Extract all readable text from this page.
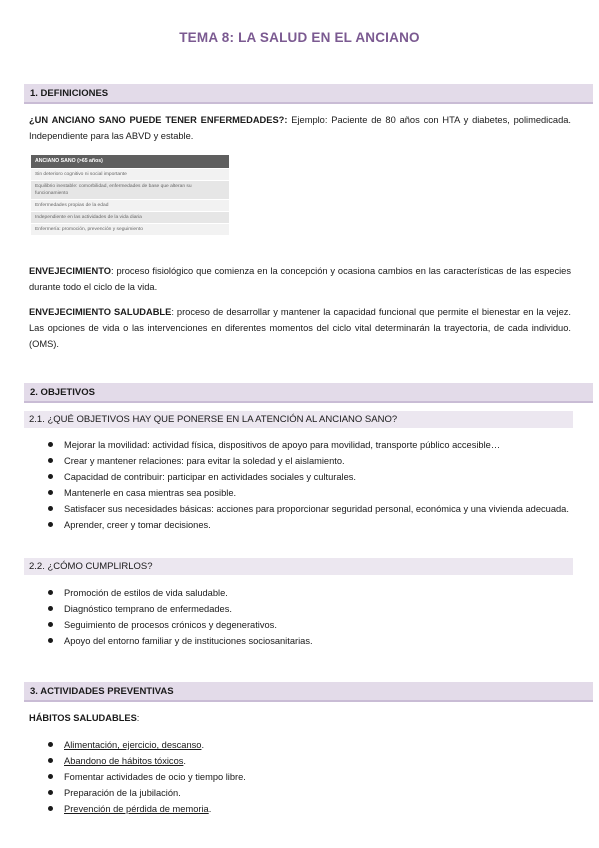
TEMA 8: LA SALUD EN EL ANCIANO
1. DEFINICIONES
¿UN ANCIANO SANO PUEDE TENER ENFERMEDADES?: Ejemplo: Paciente de 80 años con HTA y diabetes, polimedicada. Independiente para las ABVD y estable.
ANCIANO SANO (>65 años)
Sin deterioro cognitivo ni social importante
Equilibrio inestable: comorbilidad, enfermedades de base que alteran su funcionamiento
Enfermedades propias de la edad
Independiente en las actividades de la vida diaria
Enfermería: promoción, prevención y seguimiento
ENVEJECIMIENTO: proceso fisiológico que comienza en la concepción y ocasiona cambios en las características de las especies durante todo el ciclo de la vida.
ENVEJECIMIENTO SALUDABLE: proceso de desarrollar y mantener la capacidad funcional que permite el bienestar en la vejez. Las opciones de vida o las intervenciones en diferentes momentos del ciclo vital determinarán la trayectoria, de cada individuo. (OMS).
2. OBJETIVOS
2.1. ¿QUÉ OBJETIVOS HAY QUE PONERSE EN LA ATENCIÓN AL ANCIANO SANO?
Mejorar la movilidad: actividad física, dispositivos de apoyo para movilidad, transporte público accesible…
Crear y mantener relaciones: para evitar la soledad y el aislamiento.
Capacidad de contribuir: participar en actividades sociales y culturales.
Mantenerle en casa mientras sea posible.
Satisfacer sus necesidades básicas: acciones para proporcionar seguridad personal, económica y una vivienda adecuada.
Aprender, creer y tomar decisiones.
2.2. ¿CÓMO CUMPLIRLOS?
Promoción de estilos de vida saludable.
Diagnóstico temprano de enfermedades.
Seguimiento de procesos crónicos y degenerativos.
Apoyo del entorno familiar y de instituciones sociosanitarias.
3. ACTIVIDADES PREVENTIVAS
HÁBITOS SALUDABLES:
Alimentación, ejercicio, descanso.
Abandono de hábitos tóxicos.
Fomentar actividades de ocio y tiempo libre.
Preparación de la jubilación.
Prevención de pérdida de memoria.
